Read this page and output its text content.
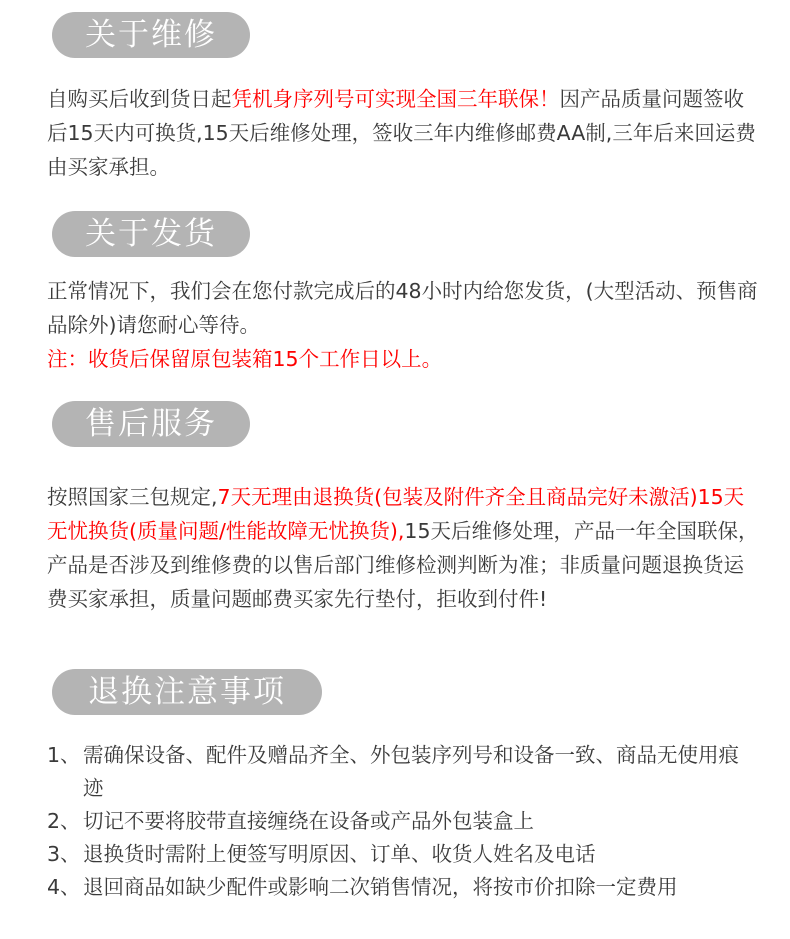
关于维修

自购买后收到货日起凭机身序列号可实现全国三年联保！因产品质量问题签收后15天内可换货,15天后维修处理，签收三年内维修邮费AA制,三年后来回运费由买家承担。

关于发货

正常情况下，我们会在您付款完成后的48小时内给您发货，(大型活动、预售商品除外)请您耐心等待。
注：收货后保留原包装箱15个工作日以上。

售后服务

按照国家三包规定,7天无理由退换货(包装及附件齐全且商品完好未激活)15天无忧换货(质量问题/性能故障无忧换货),15天后维修处理，产品一年全国联保，产品是否涉及到维修费的以售后部门维修检测判断为准；非质量问题退换货运费买家承担，质量问题邮费买家先行垫付，拒收到付件!

退换注意事项
1、 需确保设备、配件及赠品齐全、外包装序列号和设备一致、商品无使用痕迹
2、 切记不要将胶带直接缠绕在设备或产品外包装盒上
3、 退换货时需附上便签写明原因、订单、收货人姓名及电话
4、 退回商品如缺少配件或影响二次销售情况，将按市价扣除一定费用
